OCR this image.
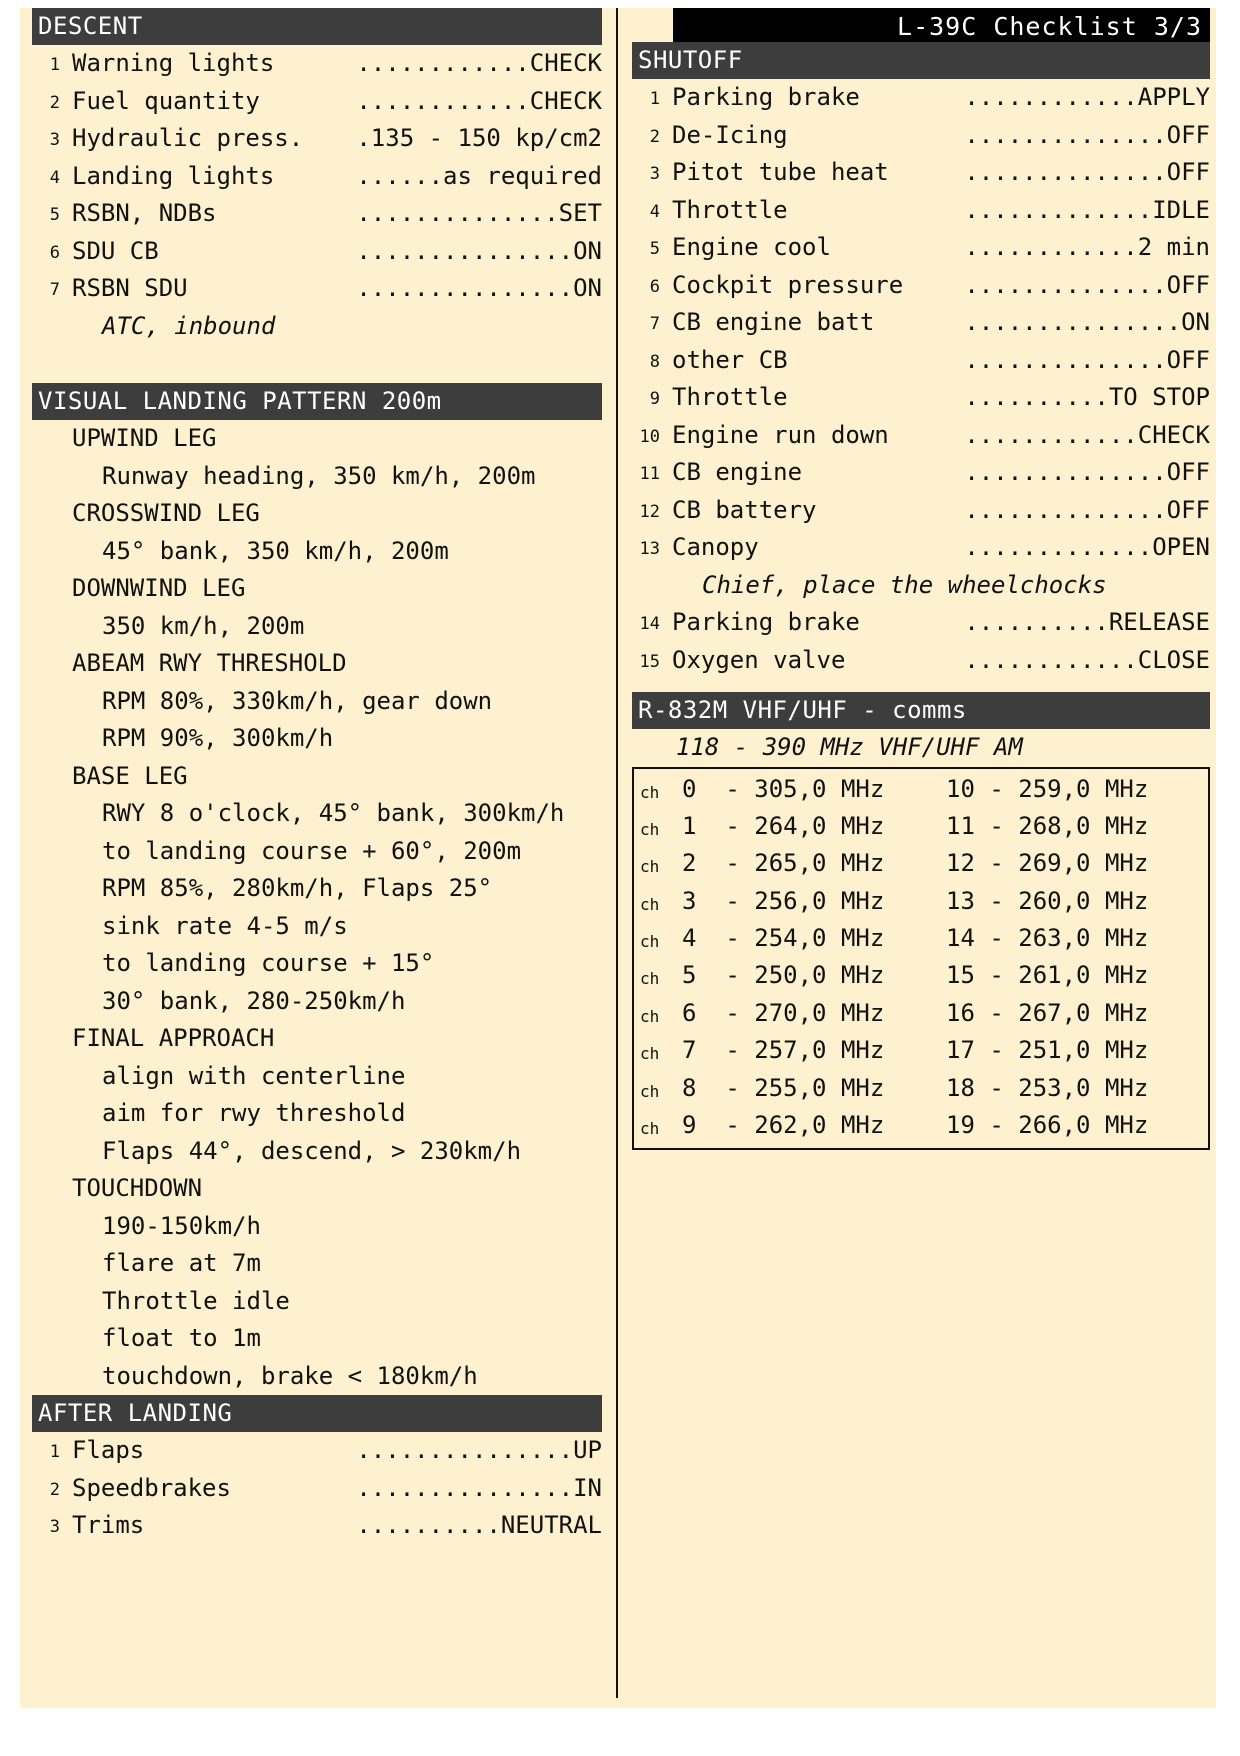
L-39C Checklist 3/3
DESCENT
1 Warning lights	............CHECK
2 Fuel quantity	............CHECK
3 Hydraulic press. .135 - 150 kp/cm2
4 Landing lights	......as required
5 RSBN, NDBs	..............SET
6 SDU CB	...............ON
7 RSBN SDU	...............ON
ATC, inbound
VISUAL LANDING PATTERN 200m
UPWIND LEG
Runway heading, 350 km/h, 200m
CROSSWIND LEG
45° bank, 350 km/h, 200m
DOWNWIND LEG
350 km/h, 200m
ABEAM RWY THRESHOLD
RPM 80%, 330km/h, gear down
RPM 90%, 300km/h
BASE LEG
RWY 8 o'clock, 45° bank, 300km/h
to landing course + 60°, 200m
RPM 85%, 280km/h, Flaps 25°
sink rate 4-5 m/s
to landing course + 15°
30° bank, 280-250km/h
FINAL APPROACH
align with centerline
aim for rwy threshold
Flaps 44°, descend, > 230km/h
TOUCHDOWN
190-150km/h
flare at 7m
Throttle idle
float to 1m
touchdown, brake < 180km/h
AFTER LANDING
1 Flaps	...............UP
2 Speedbrakes	...............IN
3 Trims	..........NEUTRAL
SHUTOFF
1 Parking brake	............APPLY
2 De-Icing	..............OFF
3 Pitot tube heat	..............OFF
4 Throttle	.............IDLE
5 Engine cool	............2 min
6 Cockpit pressure	..............OFF
7 CB engine batt	...............ON
8 other CB	..............OFF
9 Throttle	..........TO STOP
10 Engine run down	............CHECK
11 CB engine	..............OFF
12 CB battery	..............OFF
13 Canopy	.............OPEN
Chief, place the wheelchocks
14 Parking brake	..........RELEASE
15 Oxygen valve	............CLOSE
R-832M VHF/UHF - comms
118 - 390 MHz VHF/UHF AM
ch 0  - 305,0 MHz	10 - 259,0 MHz
ch 1  - 264,0 MHz	11 - 268,0 MHz
ch 2  - 265,0 MHz	12 - 269,0 MHz
ch 3  - 256,0 MHz	13 - 260,0 MHz
ch 4  - 254,0 MHz	14 - 263,0 MHz
ch 5  - 250,0 MHz	15 - 261,0 MHz
ch 6  - 270,0 MHz	16 - 267,0 MHz
ch 7  - 257,0 MHz	17 - 251,0 MHz
ch 8  - 255,0 MHz	18 - 253,0 MHz
ch 9  - 262,0 MHz	19 - 266,0 MHz
